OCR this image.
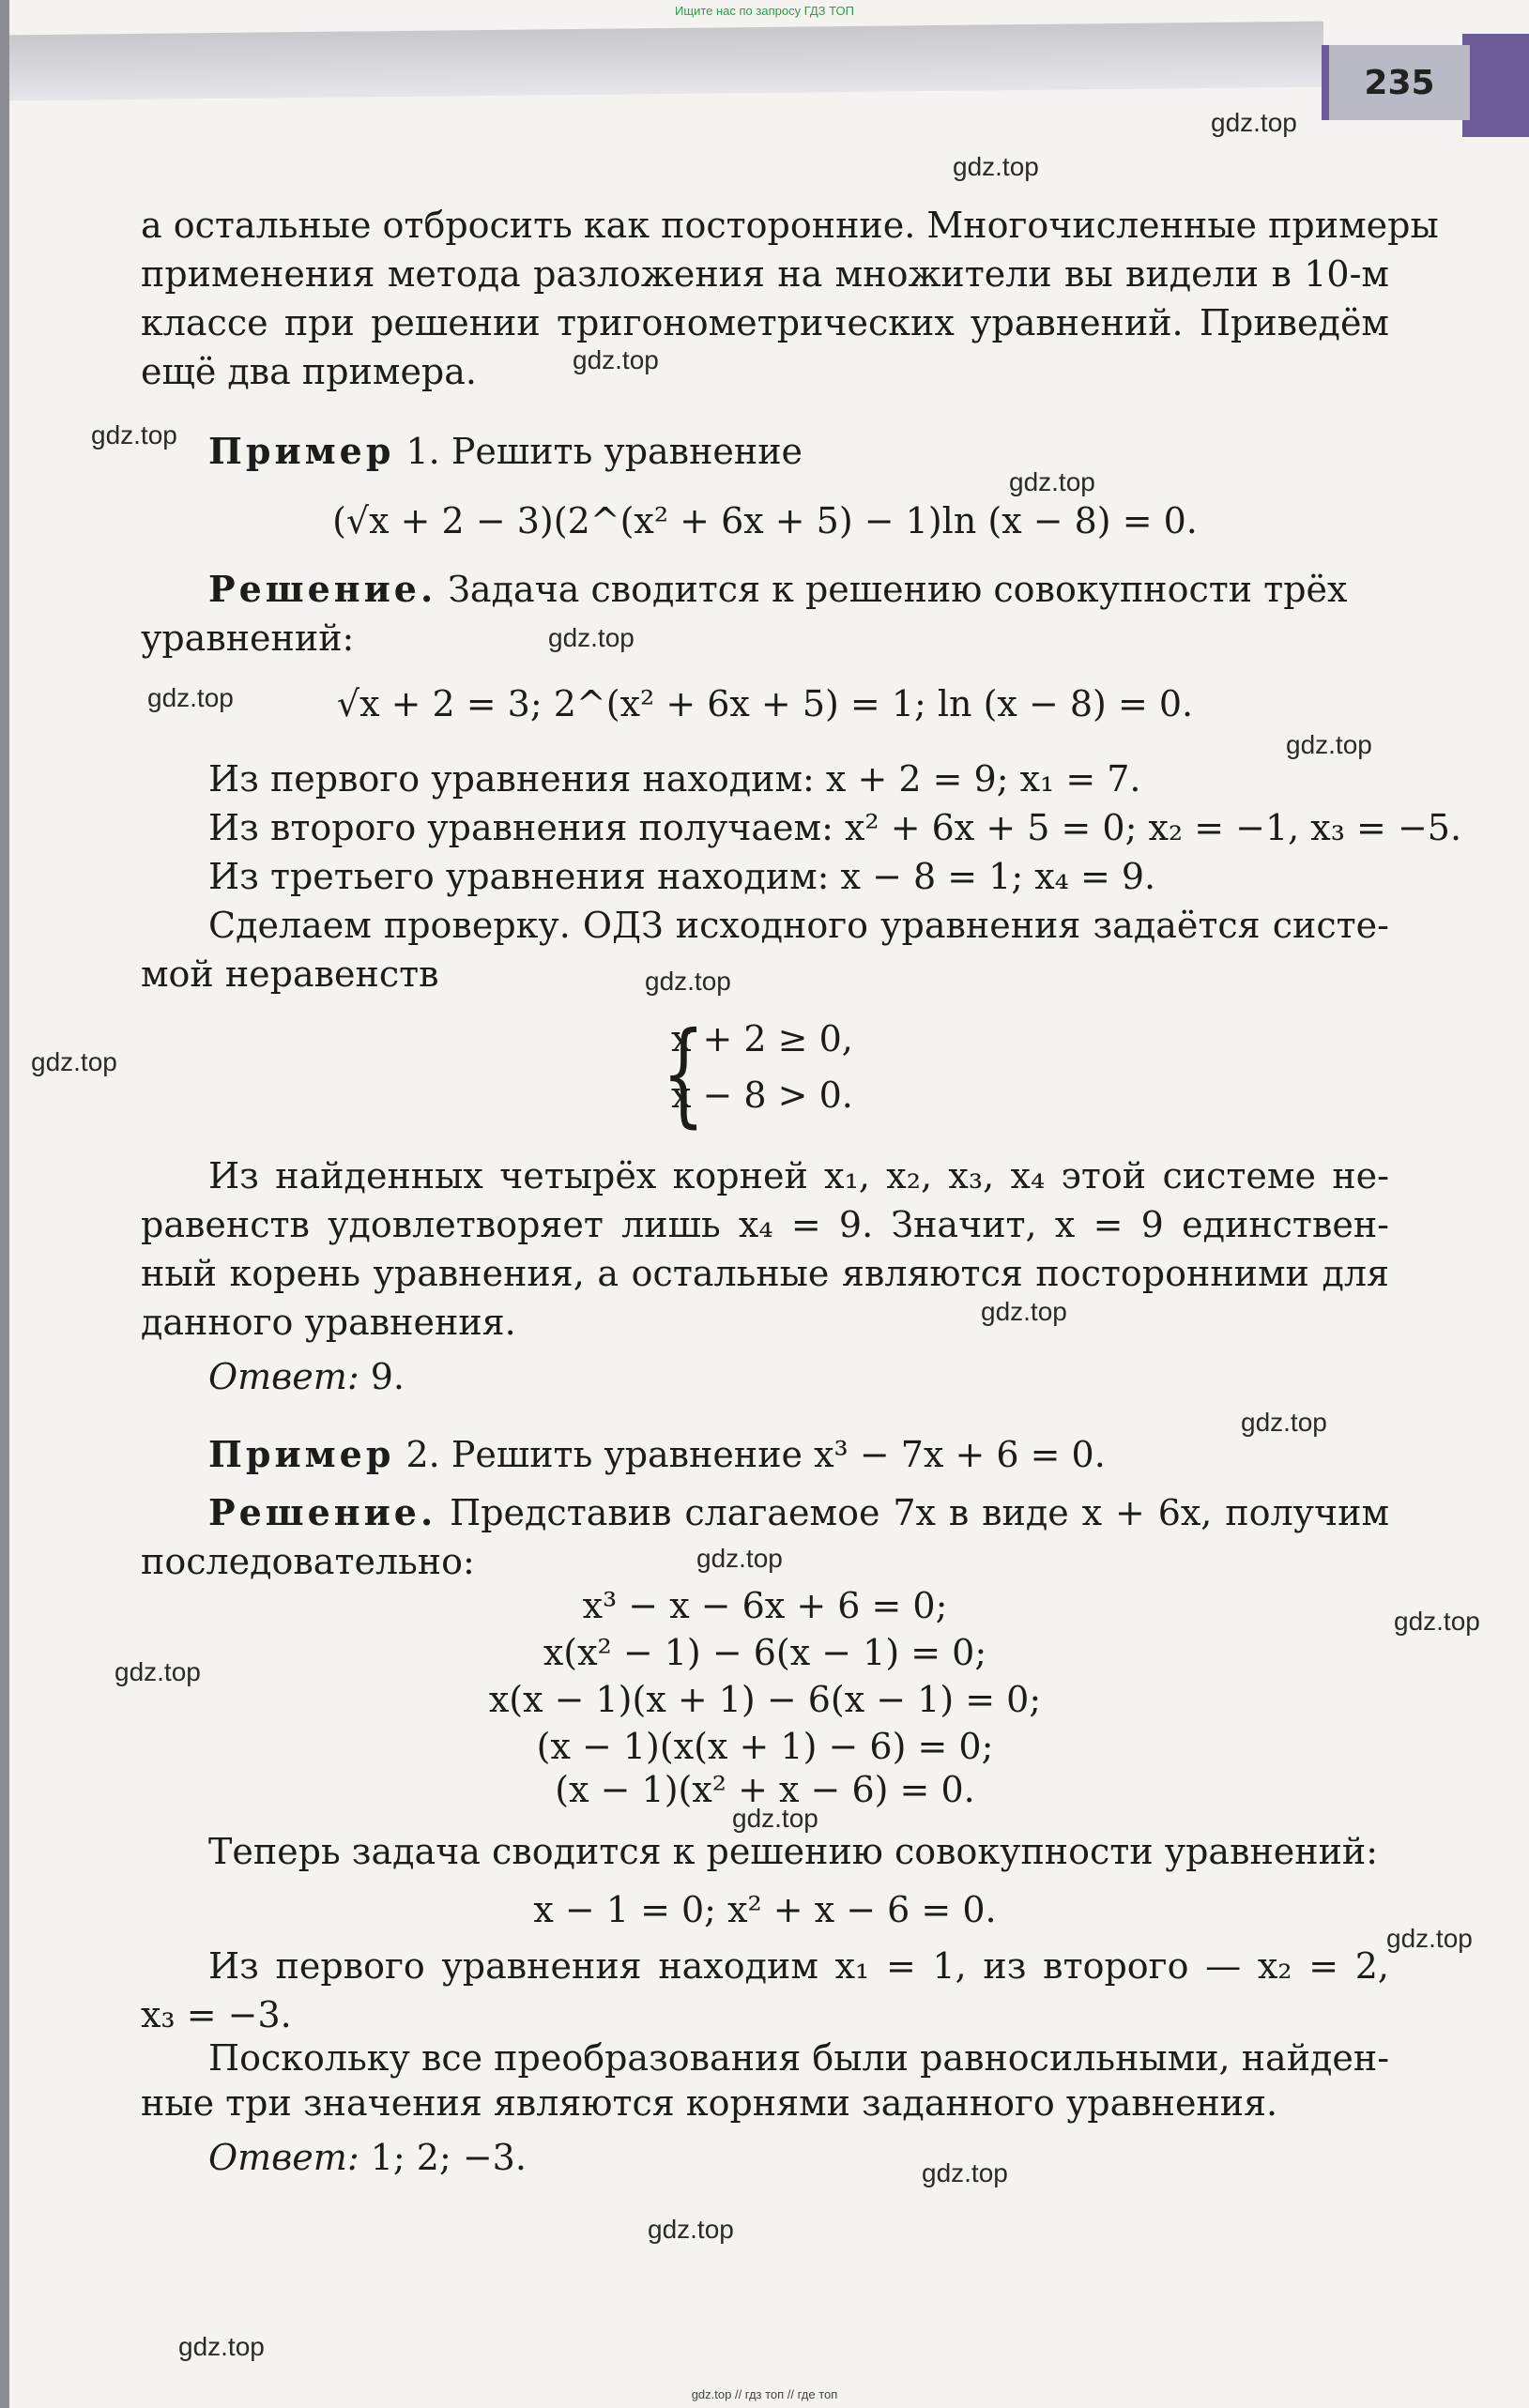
Ищите нас по запросу ГДЗ ТОП
235
gdz.top
gdz.top
gdz.top
gdz.top
gdz.top
gdz.top
gdz.top
gdz.top
gdz.top
gdz.top
gdz.top
gdz.top
gdz.top
gdz.top
gdz.top
gdz.top
gdz.top
gdz.top
gdz.top
gdz.top
а остальные отбросить как посторонние. Многочисленные примеры
применения метода разложения на множители вы видели в 10-м
классе при решении тригонометрических уравнений. Приведём
ещё два примера.
Пример 1. Решить уравнение
(√x + 2 − 3)(2^(x² + 6x + 5) − 1)ln (x − 8) = 0.
Решение. Задача сводится к решению совокупности трёх
уравнений:
√x + 2 = 3; 2^(x² + 6x + 5) = 1; ln (x − 8) = 0.
Из первого уравнения находим: x + 2 = 9; x₁ = 7.
Из второго уравнения получаем: x² + 6x + 5 = 0; x₂ = −1, x₃ = −5.
Из третьего уравнения находим: x − 8 = 1; x₄ = 9.
Сделаем проверку. ОДЗ исходного уравнения задаётся систе-
мой неравенств
{
x + 2 ≥ 0,
x − 8 > 0.
Из найденных четырёх корней x₁, x₂, x₃, x₄ этой системе не-
равенств удовлетворяет лишь x₄ = 9. Значит, x = 9 единствен-
ный корень уравнения, а остальные являются посторонними для
данного уравнения.
Ответ: 9.
Пример 2. Решить уравнение x³ − 7x + 6 = 0.
Решение. Представив слагаемое 7x в виде x + 6x, получим
последовательно:
x³ − x − 6x + 6 = 0;
x(x² − 1) − 6(x − 1) = 0;
x(x − 1)(x + 1) − 6(x − 1) = 0;
(x − 1)(x(x + 1) − 6) = 0;
(x − 1)(x² + x − 6) = 0.
Теперь задача сводится к решению совокупности уравнений:
x − 1 = 0; x² + x − 6 = 0.
Из первого уравнения находим x₁ = 1, из второго — x₂ = 2,
x₃ = −3.
Поскольку все преобразования были равносильными, найден-
ные три значения являются корнями заданного уравнения.
Ответ: 1; 2; −3.
gdz.top // гдз топ // где топ
